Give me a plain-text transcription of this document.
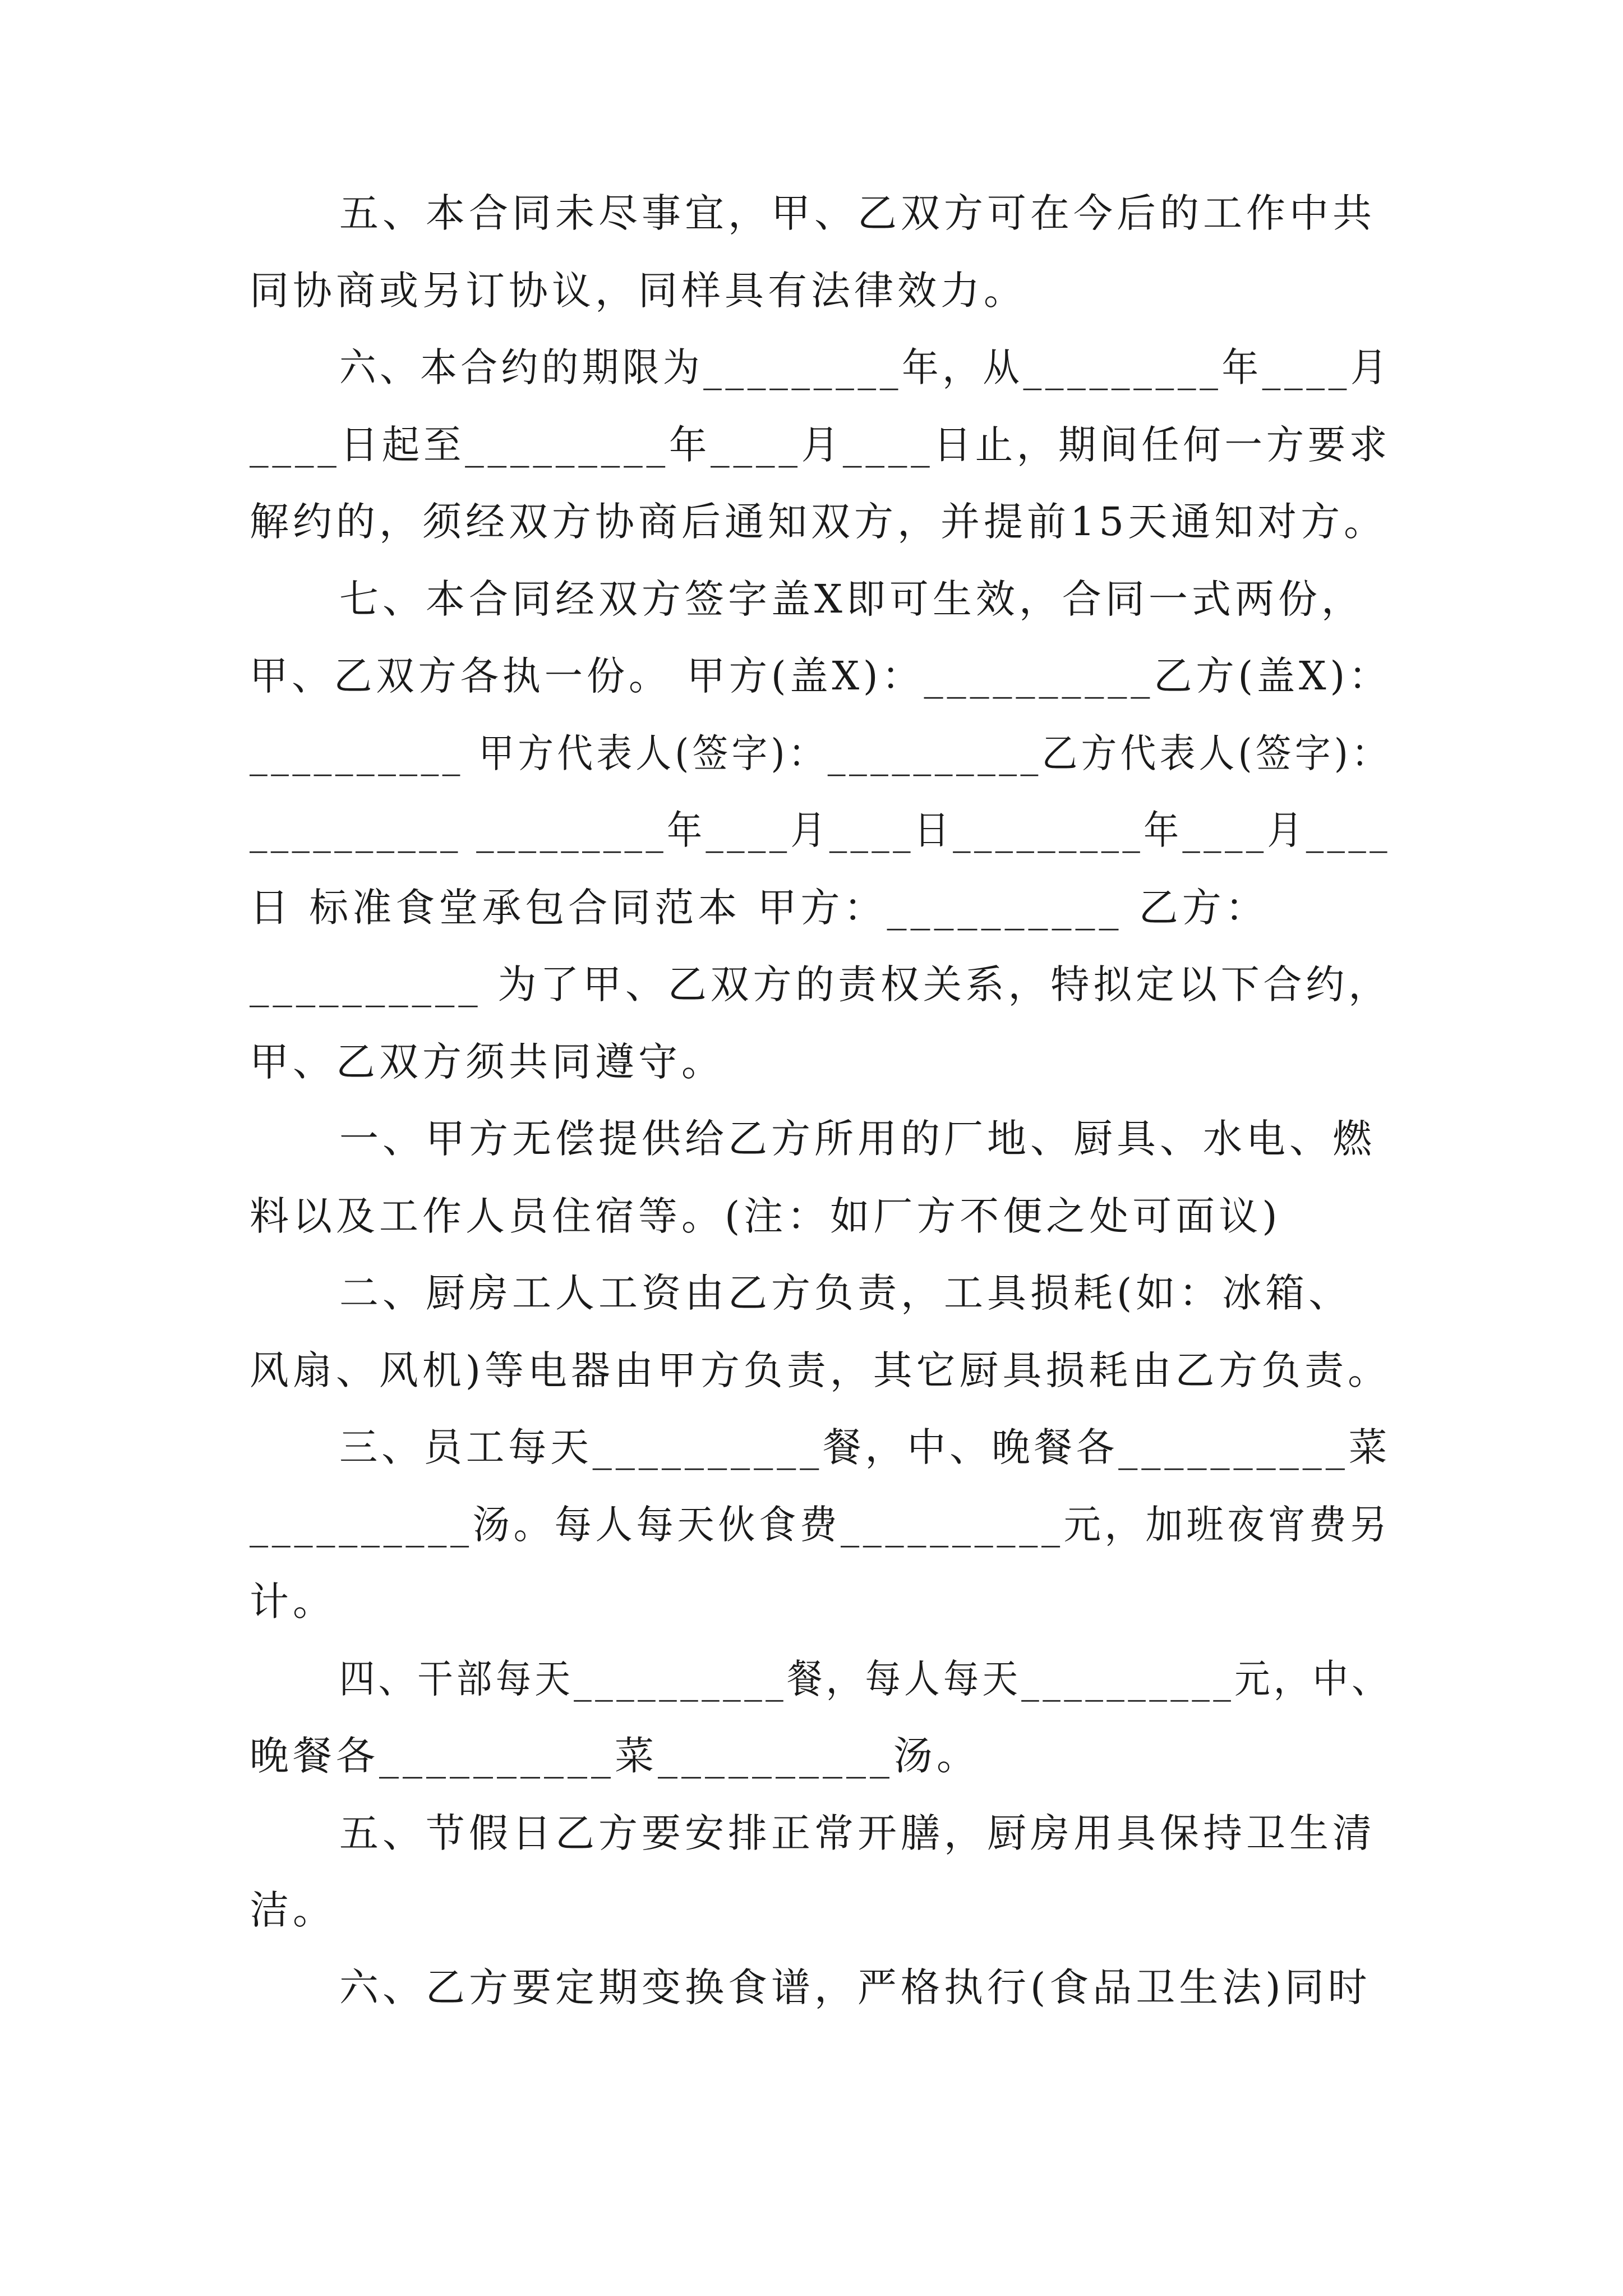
五、本合同未尽事宜，甲、乙双方可在今后的工作中共

同协商或另订协议，同样具有法律效力。

六、本合约的期限为_________年，从_________年____月

____日起至_________年____月____日止，期间任何一方要求

解约的，须经双方协商后通知双方，并提前15天通知对方。

七、本合同经双方签字盖X即可生效，合同一式两份，

甲、乙双方各执一份。 甲方(盖X)：__________乙方(盖X)：

__________ 甲方代表人(签字)：__________乙方代表人(签字)：

__________ _________年____月____日_________年____月____

日 标准食堂承包合同范本 甲方：__________ 乙方：

__________ 为了甲、乙双方的责权关系，特拟定以下合约，

甲、乙双方须共同遵守。

一、甲方无偿提供给乙方所用的厂地、厨具、水电、燃

料以及工作人员住宿等。(注：如厂方不便之处可面议)

二、厨房工人工资由乙方负责，工具损耗(如：冰箱、

风扇、风机)等电器由甲方负责，其它厨具损耗由乙方负责。

三、员工每天__________餐，中、晚餐各__________菜

__________汤。每人每天伙食费__________元，加班夜宵费另

计。

四、干部每天__________餐，每人每天__________元，中、

晚餐各__________菜__________汤。

五、节假日乙方要安排正常开膳，厨房用具保持卫生清

洁。

六、乙方要定期变换食谱，严格执行(食品卫生法)同时
